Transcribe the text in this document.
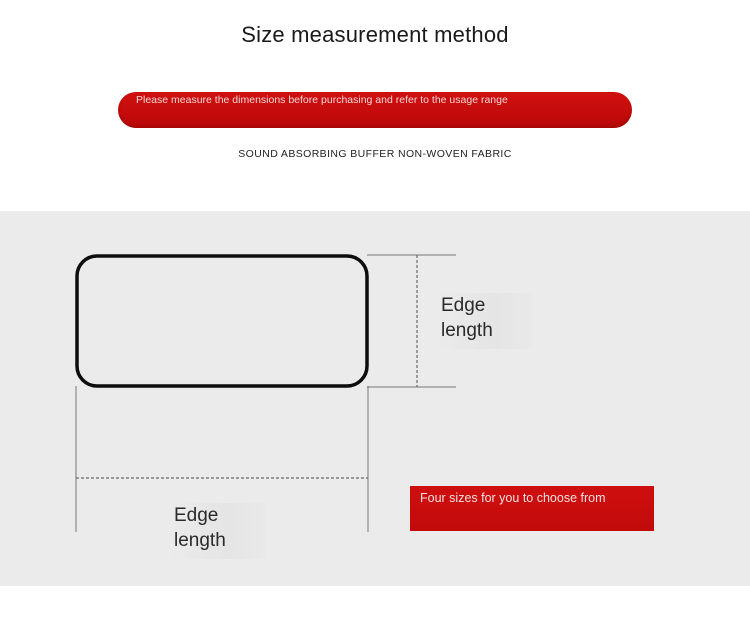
Size measurement method
Please measure the dimensions before purchasing and refer to the usage range
SOUND ABSORBING BUFFER NON-WOVEN FABRIC
Edge
length
Edge
length
Four sizes for you to choose from
